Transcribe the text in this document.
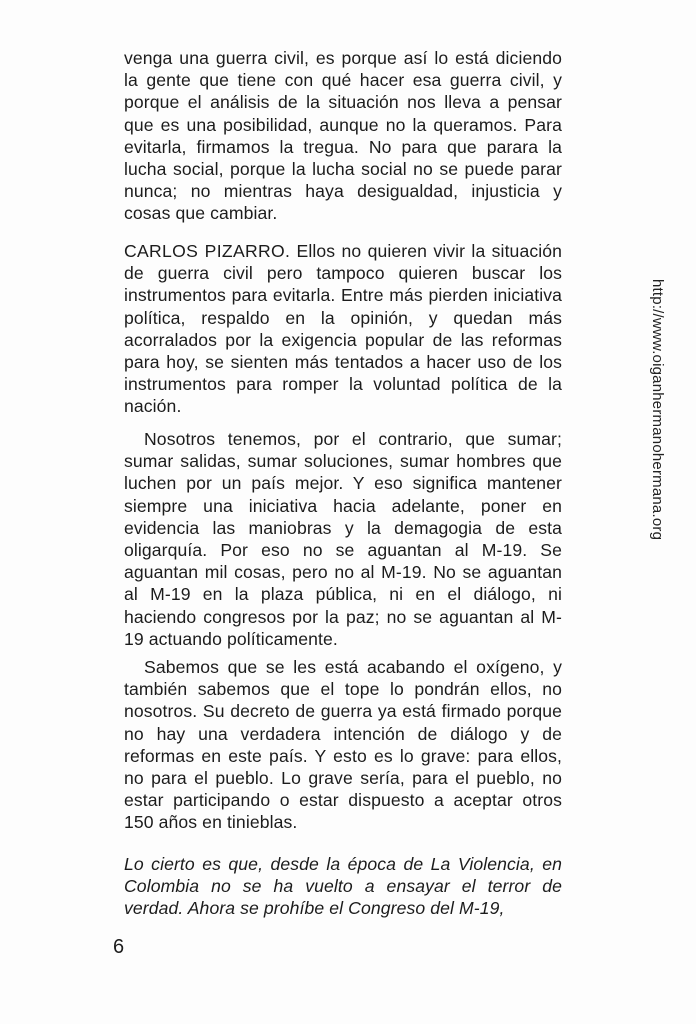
venga una guerra civil, es porque así lo está diciendo la gente que tiene con qué hacer esa guerra civil, y porque el análisis de la situación nos lleva a pensar que es una posibilidad, aunque no la queramos. Para evitarla, firmamos la tregua. No para que parara la lucha social, porque la lucha social no se puede parar nunca; no mientras haya desigualdad, injusticia y cosas que cambiar.

CARLOS PIZARRO. Ellos no quieren vivir la situación de guerra civil pero tampoco quieren buscar los instrumentos para evitarla. Entre más pierden iniciativa política, respaldo en la opinión, y quedan más acorralados por la exigencia popular de las reformas para hoy, se sienten más tentados a hacer uso de los instrumentos para romper la voluntad política de la nación.

Nosotros tenemos, por el contrario, que sumar; sumar salidas, sumar soluciones, sumar hombres que luchen por un país mejor. Y eso significa mantener siempre una iniciativa hacia adelante, poner en evidencia las maniobras y la demagogia de esta oligarquía. Por eso no se aguantan al M-19. Se aguantan mil cosas, pero no al M-19. No se aguantan al M-19 en la plaza pública, ni en el diálogo, ni haciendo congresos por la paz; no se aguantan al M-19 actuando políticamente.

Sabemos que se les está acabando el oxígeno, y también sabemos que el tope lo pondrán ellos, no nosotros. Su decreto de guerra ya está firmado porque no hay una verdadera intención de diálogo y de reformas en este país. Y esto es lo grave: para ellos, no para el pueblo. Lo grave sería, para el pueblo, no estar participando o estar dispuesto a aceptar otros 150 años en tinieblas.

Lo cierto es que, desde la época de La Violencia, en Colombia no se ha vuelto a ensayar el terror de verdad. Ahora se prohíbe el Congreso del M-19,

6
http://www.oiganhermanohermana.org
